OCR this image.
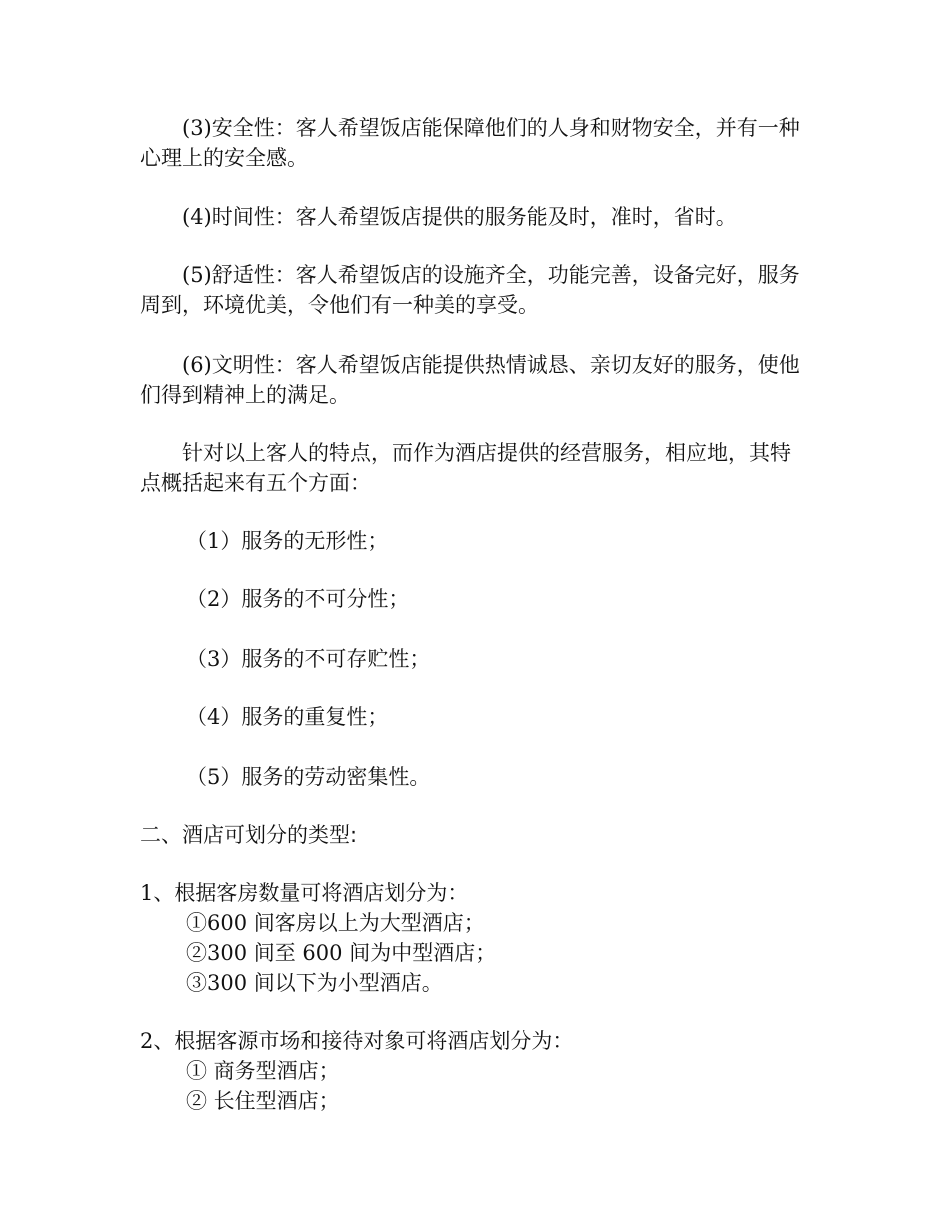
(3)安全性：客人希望饭店能保障他们的人身和财物安全，并有一种心理上的安全感。

(4)时间性：客人希望饭店提供的服务能及时，准时，省时。

(5)舒适性：客人希望饭店的设施齐全，功能完善，设备完好，服务周到，环境优美，令他们有一种美的享受。

(6)文明性：客人希望饭店能提供热情诚恳、亲切友好的服务，使他们得到精神上的满足。

针对以上客人的特点，而作为酒店提供的经营服务，相应地，其特点概括起来有五个方面：

（1）服务的无形性；

（2）服务的不可分性；

（3）服务的不可存贮性；

（4）服务的重复性；

（5）服务的劳动密集性。

二、酒店可划分的类型:

1、根据客房数量可将酒店划分为：

①600 间客房以上为大型酒店；

②300 间至 600 间为中型酒店；

③300 间以下为小型酒店。

2、根据客源市场和接待对象可将酒店划分为：

① 商务型酒店；

② 长住型酒店；
